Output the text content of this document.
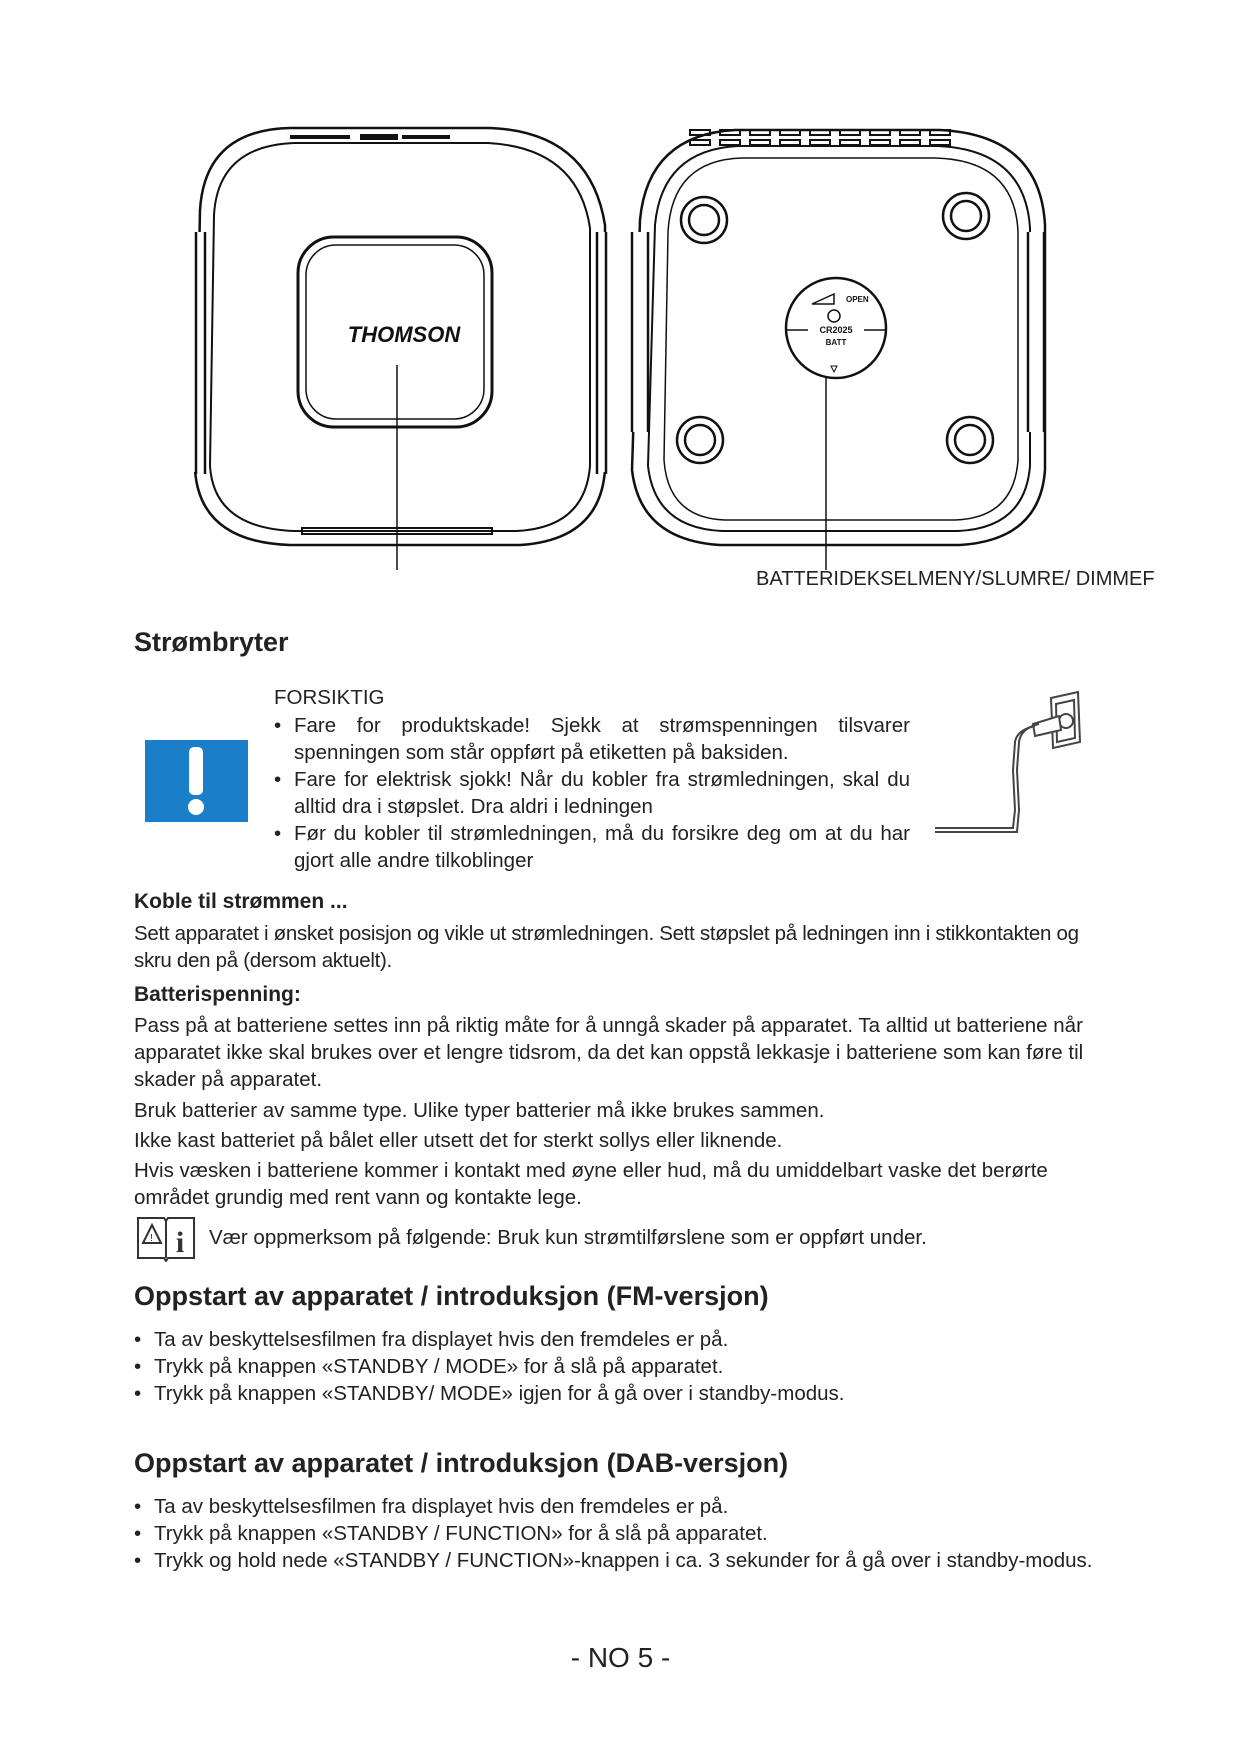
THOMSON
OPEN
CR2025
BATT
BATTERIDEKSELMENY/SLUMRE/ DIMMEF
Strømbryter
FORSIKTIG
• Fare for produktskade! Sjekk at strømspenningen tilsvarer spenningen som står oppført på etiketten på baksiden.
• Fare for elektrisk sjokk! Når du kobler fra strømledningen, skal du alltid dra i støpslet. Dra aldri i ledningen
• Før du kobler til strømledningen, må du forsikre deg om at du har gjort alle andre tilkoblinger
Koble til strømmen ...

Sett apparatet i ønsket posisjon og vikle ut strømledningen. Sett støpslet på ledningen inn i stikkontakten og skru den på (dersom aktuelt).

Batterispenning:

Pass på at batteriene settes inn på riktig måte for å unngå skader på apparatet. Ta alltid ut batteriene når apparatet ikke skal brukes over et lengre tidsrom, da det kan oppstå lekkasje i batteriene som kan føre til skader på apparatet.

Bruk batterier av samme type. Ulike typer batterier må ikke brukes sammen.

Ikke kast batteriet på bålet eller utsett det for sterkt sollys eller liknende.

Hvis væsken i batteriene kommer i kontakt med øyne eller hud, må du umiddelbart vaske det berørte området grundig med rent vann og kontakte lege.

! i Vær oppmerksom på følgende: Bruk kun strømtilførslene som er oppført under.

Oppstart av apparatet / introduksjon (FM-versjon)
• Ta av beskyttelsesfilmen fra displayet hvis den fremdeles er på.
• Trykk på knappen «STANDBY / MODE» for å slå på apparatet.
• Trykk på knappen «STANDBY/ MODE» igjen for å gå over i standby-modus.
Oppstart av apparatet / introduksjon (DAB-versjon)
• Ta av beskyttelsesfilmen fra displayet hvis den fremdeles er på.
• Trykk på knappen «STANDBY / FUNCTION» for å slå på apparatet.
• Trykk og hold nede «STANDBY / FUNCTION»-knappen i ca. 3 sekunder for å gå over i standby-modus.
- NO 5 -
